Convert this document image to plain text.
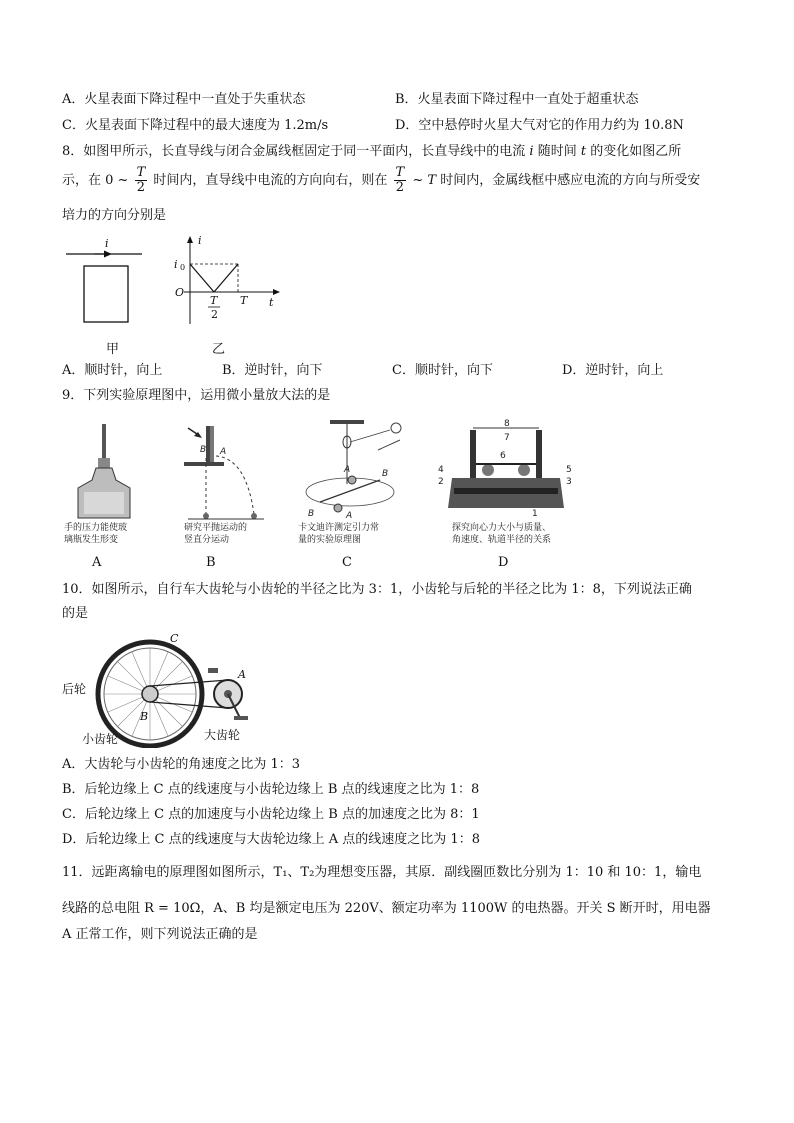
A．火星表面下降过程中一直处于失重状态	B．火星表面下降过程中一直处于超重状态
C．火星表面下降过程中的最大速度为 1.2m/s	D．空中悬停时火星大气对它的作用力约为 10.8N
8．如图甲所示，长直导线与闭合金属线框固定于同一平面内，长直导线中的电流 i 随时间 t 的变化如图乙所
示，在 0 ~ $\frac{T}{2}$ 时间内，直导线中电流的方向向右，则在 $\frac{T}{2}$ ~ T 时间内，金属线框中感应电流的方向与所受安
培力的方向分别是
i	i
t
O
i 0
T
2
T
甲	乙
A．顺时针，向上	B．逆时针，向下	C．顺时针，向下	D．逆时针，向上
9．下列实验原理图中，运用微小量放大法的是
手的压力能使玻
璃瓶发生形变
B A
研究平抛运动的
竖直分运动
A	B
B	A
卡文迪许测定引力常
量的实验原理图
8
7
6
4
2
5
3
1
探究向心力大小与质量、
角速度、轨道半径的关系
A	B	C	D
10．如图所示，自行车大齿轮与小齿轮的半径之比为 3：1，小齿轮与后轮的半径之比为 1：8，下列说法正确
的是
C
A
B
后轮
小齿轮	大齿轮
A．大齿轮与小齿轮的角速度之比为 1：3
B．后轮边缘上 C 点的线速度与小齿轮边缘上 B 点的线速度之比为 1：8
C．后轮边缘上 C 点的加速度与小齿轮边缘上 B 点的加速度之比为 8：1
D．后轮边缘上 C 点的线速度与大齿轮边缘上 A 点的线速度之比为 1：8
11．远距离输电的原理图如图所示，T₁、T₂为理想变压器，其原．副线圈匝数比分别为 1：10 和 10：1，输电
线路的总电阻 R = 10Ω，A、B 均是额定电压为 220V、额定功率为 1100W 的电热器。开关 S 断开时，用电器
A 正常工作，则下列说法正确的是
